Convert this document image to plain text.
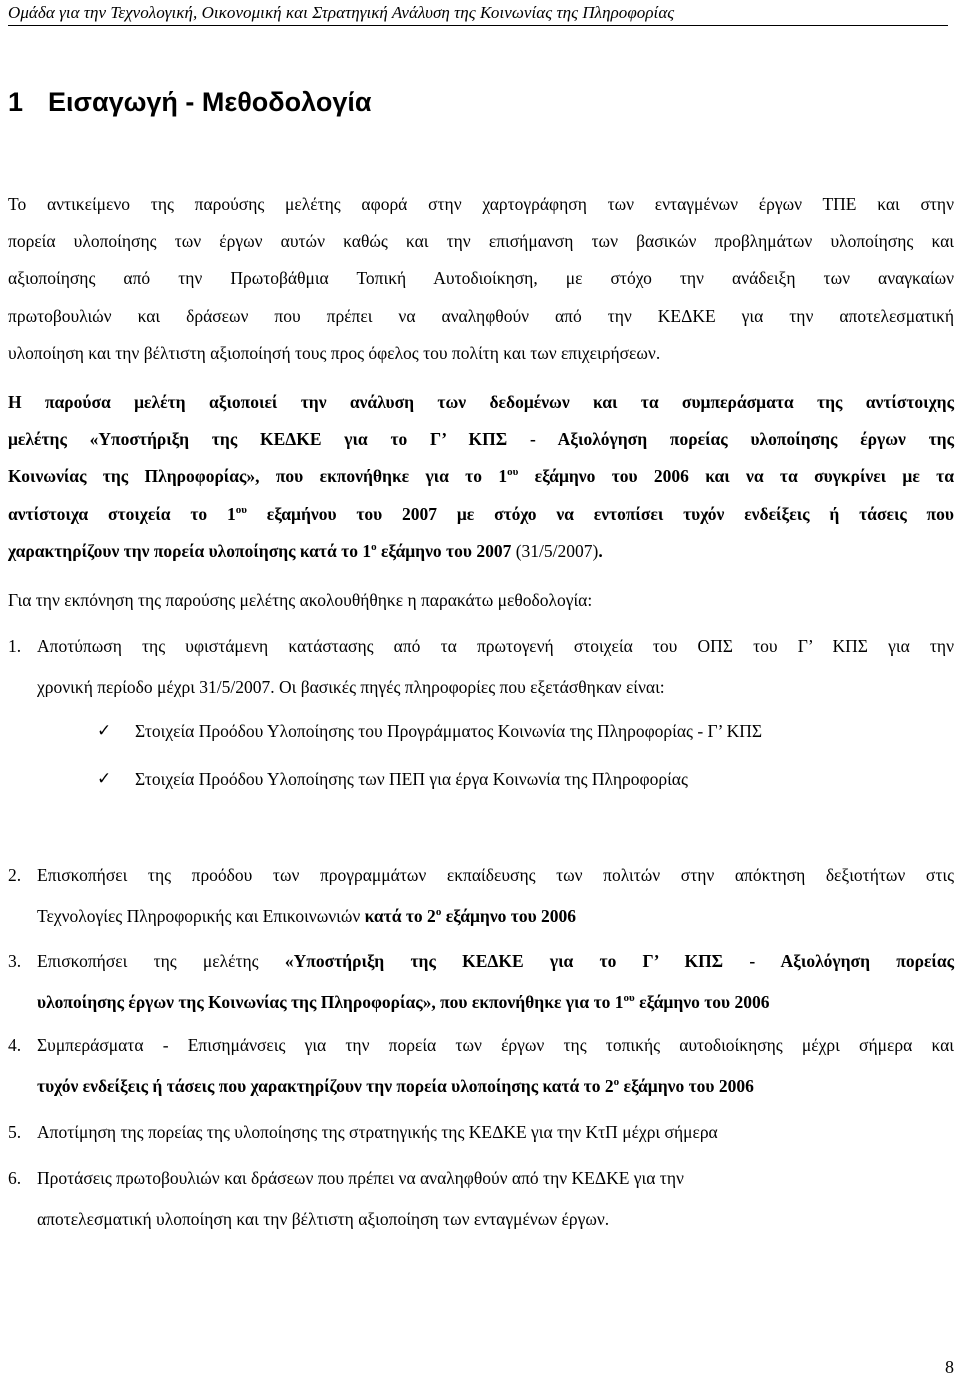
Ομάδα για την Τεχνολογική, Οικονομική και Στρατηγική Ανάλυση της Κοινωνίας της Πληροφορίας
1 Εισαγωγή - Μεθοδολογία
Το αντικείμενο της παρούσης μελέτης αφορά στην χαρτογράφηση των ενταγμένων έργων ΤΠΕ και στην
πορεία υλοποίησης των έργων αυτών καθώς και την επισήμανση των βασικών προβλημάτων υλοποίησης και
αξιοποίησης από την Πρωτοβάθμια Τοπική Αυτοδιοίκηση, με στόχο την ανάδειξη των αναγκαίων
πρωτοβουλιών και δράσεων που πρέπει να αναληφθούν από την ΚΕΔΚΕ για την αποτελεσματική
υλοποίηση και την βέλτιστη αξιοποίησή τους προς όφελος του πολίτη και των επιχειρήσεων.
Η παρούσα μελέτη αξιοποιεί την ανάλυση των δεδομένων και τα συμπεράσματα της αντίστοιχης
μελέτης «Υποστήριξη της ΚΕΔΚΕ για το Γ’ ΚΠΣ - Αξιολόγηση πορείας υλοποίησης έργων της
Κοινωνίας της Πληροφορίας», που εκπονήθηκε για το $1^{o\upsilon}$ εξάμηνο του 2006 και να τα συγκρίνει με τα
αντίστοιχα στοιχεία το $1^{o\upsilon}$ εξαμήνου του 2007 με στόχο να εντοπίσει τυχόν ενδείξεις ή τάσεις που
χαρακτηρίζουν την πορεία υλοποίησης κατά το $1^o$ εξάμηνο του 2007 (31/5/2007).
Για την εκπόνηση της παρούσης μελέτης ακολουθήθηκε η παρακάτω μεθοδολογία:
1. Αποτύπωση της υφιστάμενη κατάστασης από τα πρωτογενή στοιχεία του ΟΠΣ του Γ’ ΚΠΣ για την
χρονική περίοδο μέχρι 31/5/2007. Οι βασικές πηγές πληροφορίες που εξετάσθηκαν είναι:
✓ Στοιχεία Προόδου Υλοποίησης του Προγράμματος Κοινωνία της Πληροφορίας - Γ’ ΚΠΣ
✓ Στοιχεία Προόδου Υλοποίησης των ΠΕΠ για έργα Κοινωνία της Πληροφορίας
2. Επισκοπήσει της προόδου των προγραμμάτων εκπαίδευσης των πολιτών στην απόκτηση δεξιοτήτων στις
Τεχνολογίες Πληροφορικής και Επικοινωνιών κατά το $2^o$ εξάμηνο του 2006
3. Επισκοπήσει της μελέτης «Υποστήριξη της ΚΕΔΚΕ για το Γ’ ΚΠΣ - Αξιολόγηση πορείας
υλοποίησης έργων της Κοινωνίας της Πληροφορίας», που εκπονήθηκε για το $1^{o\upsilon}$ εξάμηνο του 2006
4. Συμπεράσματα - Επισημάνσεις για την πορεία των έργων της τοπικής αυτοδιοίκησης μέχρι σήμερα και
τυχόν ενδείξεις ή τάσεις που χαρακτηρίζουν την πορεία υλοποίησης κατά το $2^o$ εξάμηνο του 2006
5. Αποτίμηση της πορείας της υλοποίησης της στρατηγικής της ΚΕΔΚΕ για την ΚτΠ μέχρι σήμερα
6. Προτάσεις πρωτοβουλιών και δράσεων που πρέπει να αναληφθούν από την ΚΕΔΚΕ για την
αποτελεσματική υλοποίηση και την βέλτιστη αξιοποίηση των ενταγμένων έργων.
8
